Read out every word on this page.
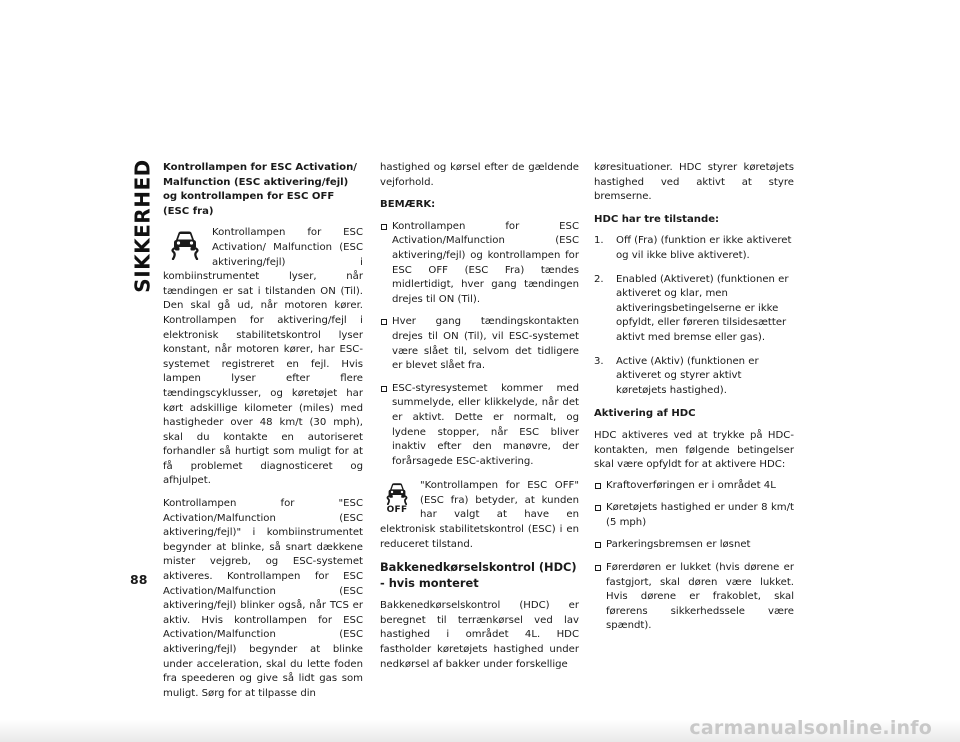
SIKKERHED
88
Kontrollampen for ESC Activation/ Malfunction (ESC aktivering/fejl) og kontrollampen for ESC OFF (ESC fra)

Kontrollampen for ESC Activation/ Malfunction (ESC aktivering/fejl) i kombiinstrumentet lyser, når tændingen er sat i tilstanden ON (Til). Den skal gå ud, når motoren kører. Kontrollampen for aktivering/fejl i elektronisk stabilitetskontrol lyser konstant, når motoren kører, har ESC-systemet registreret en fejl. Hvis lampen lyser efter flere tændingscyklusser, og køretøjet har kørt adskillige kilometer (miles) med hastigheder over 48 km/t (30 mph), skal du kontakte en autoriseret forhandler så hurtigt som muligt for at få problemet diagnosticeret og afhjulpet.

Kontrollampen for "ESC Activation/Malfunction (ESC aktivering/fejl)" i kombiinstrumentet begynder at blinke, så snart dækkene mister vejgreb, og ESC-systemet aktiveres. Kontrollampen for ESC Activation/Malfunction (ESC aktivering/fejl) blinker også, når TCS er aktiv. Hvis kontrollampen for ESC Activation/Malfunction (ESC aktivering/fejl) begynder at blinke under acceleration, skal du lette foden fra speederen og give så lidt gas som muligt. Sørg for at tilpasse din

hastighed og kørsel efter de gældende vejforhold.

BEMÆRK:
Kontrollampen for ESC Activation/Malfunction (ESC aktivering/fejl) og kontrollampen for ESC OFF (ESC Fra) tændes midlertidigt, hver gang tændingen drejes til ON (Til).
Hver gang tændingskontakten drejes til ON (Til), vil ESC-systemet være slået til, selvom det tidligere er blevet slået fra.
ESC-styresystemet kommer med summelyde, eller klikkelyde, når det er aktivt. Dette er normalt, og lydene stopper, når ESC bliver inaktiv efter den manøvre, der forårsagede ESC-aktivering.
OFF

"Kontrollampen for ESC OFF" (ESC fra) betyder, at kunden har valgt at have en elektronisk stabilitetskontrol (ESC) i en reduceret tilstand.

Bakkenedkørselskontrol (HDC) - hvis monteret

Bakkenedkørselskontrol (HDC) er beregnet til terrænkørsel ved lav hastighed i området 4L. HDC fastholder køretøjets hastighed under nedkørsel af bakker under forskellige

køresituationer. HDC styrer køretøjets hastighed ved aktivt at styre bremserne.

HDC har tre tilstande:
1.	Off (Fra) (funktion er ikke aktiveret og vil ikke blive aktiveret).
2.	Enabled (Aktiveret) (funktionen er aktiveret og klar, men aktiveringsbetingelserne er ikke opfyldt, eller føreren tilsidesætter aktivt med bremse eller gas).
3.	Active (Aktiv) (funktionen er aktiveret og styrer aktivt køretøjets hastighed).
Aktivering af HDC

HDC aktiveres ved at trykke på HDC-kontakten, men følgende betingelser skal være opfyldt for at aktivere HDC:

Kraftoverføringen er i området 4L
Køretøjets hastighed er under 8 km/t (5 mph)
Parkeringsbremsen er løsnet
Førerdøren er lukket (hvis dørene er fastgjort, skal døren være lukket. Hvis dørene er frakoblet, skal førerens sikkerhedssele være spændt).
carmanualsonline.info
